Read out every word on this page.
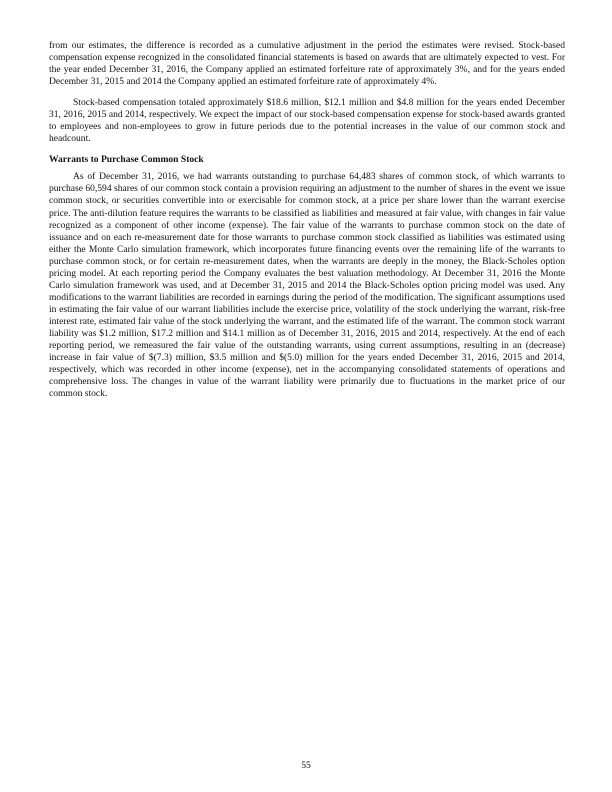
from our estimates, the difference is recorded as a cumulative adjustment in the period the estimates were revised. Stock-based compensation expense recognized in the consolidated financial statements is based on awards that are ultimately expected to vest. For the year ended December 31, 2016, the Company applied an estimated forfeiture rate of approximately 3%, and for the years ended December 31, 2015 and 2014 the Company applied an estimated forfeiture rate of approximately 4%.

Stock-based compensation totaled approximately $18.6 million, $12.1 million and $4.8 million for the years ended December 31, 2016, 2015 and 2014, respectively. We expect the impact of our stock-based compensation expense for stock-based awards granted to employees and non-employees to grow in future periods due to the potential increases in the value of our common stock and headcount.

Warrants to Purchase Common Stock

As of December 31, 2016, we had warrants outstanding to purchase 64,483 shares of common stock, of which warrants to purchase 60,594 shares of our common stock contain a provision requiring an adjustment to the number of shares in the event we issue common stock, or securities convertible into or exercisable for common stock, at a price per share lower than the warrant exercise price. The anti-dilution feature requires the warrants to be classified as liabilities and measured at fair value, with changes in fair value recognized as a component of other income (expense). The fair value of the warrants to purchase common stock on the date of issuance and on each re-measurement date for those warrants to purchase common stock classified as liabilities was estimated using either the Monte Carlo simulation framework, which incorporates future financing events over the remaining life of the warrants to purchase common stock, or for certain re-measurement dates, when the warrants are deeply in the money, the Black-Scholes option pricing model. At each reporting period the Company evaluates the best valuation methodology. At December 31, 2016 the Monte Carlo simulation framework was used, and at December 31, 2015 and 2014 the Black-Scholes option pricing model was used. Any modifications to the warrant liabilities are recorded in earnings during the period of the modification. The significant assumptions used in estimating the fair value of our warrant liabilities include the exercise price, volatility of the stock underlying the warrant, risk-free interest rate, estimated fair value of the stock underlying the warrant, and the estimated life of the warrant. The common stock warrant liability was $1.2 million, $17.2 million and $14.1 million as of December 31, 2016, 2015 and 2014, respectively. At the end of each reporting period, we remeasured the fair value of the outstanding warrants, using current assumptions, resulting in an (decrease) increase in fair value of $(7.3) million, $3.5 million and $(5.0) million for the years ended December 31, 2016, 2015 and 2014, respectively, which was recorded in other income (expense), net in the accompanying consolidated statements of operations and comprehensive loss. The changes in value of the warrant liability were primarily due to fluctuations in the market price of our common stock.

55
